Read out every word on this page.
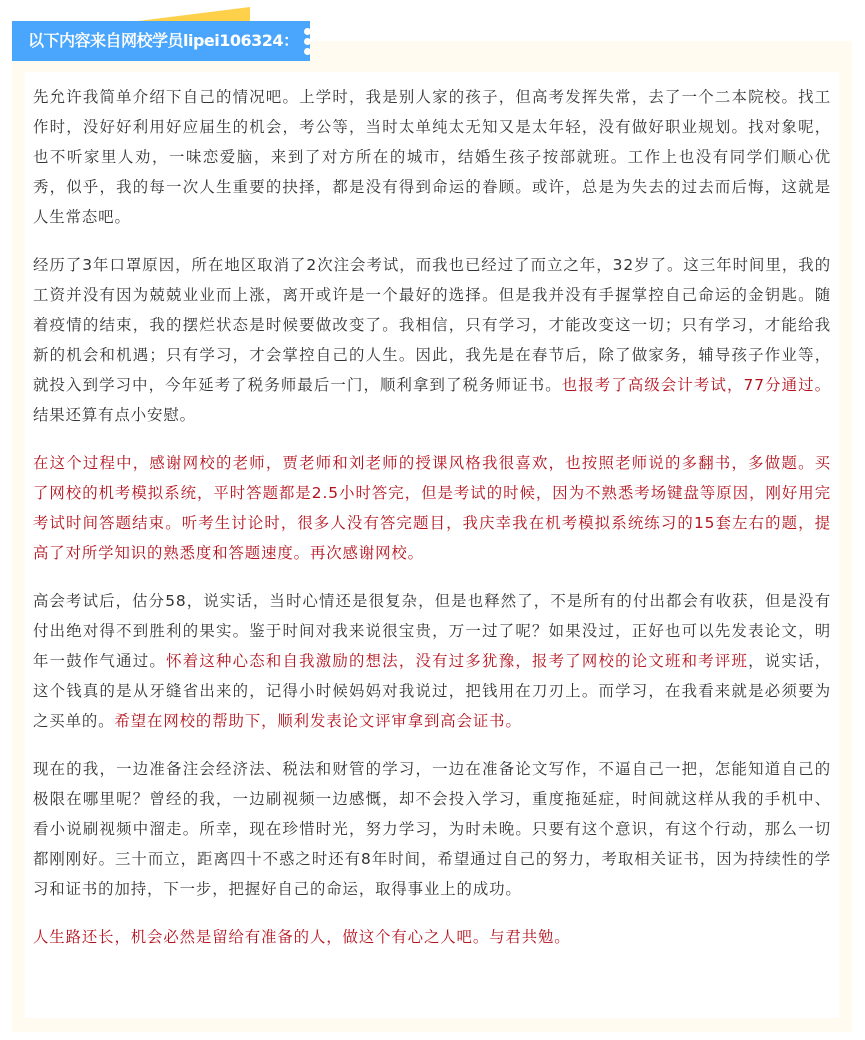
以下内容来自网校学员lipei106324：

先允许我简单介绍下自己的情况吧。上学时，我是别人家的孩子，但高考发挥失常，去了一个二本院校。找工作时，没好好利用好应届生的机会，考公等，当时太单纯太无知又是太年轻，没有做好职业规划。找对象呢，也不听家里人劝，一味恋爱脑，来到了对方所在的城市，结婚生孩子按部就班。工作上也没有同学们顺心优秀，似乎，我的每一次人生重要的抉择，都是没有得到命运的眷顾。或许，总是为失去的过去而后悔，这就是人生常态吧。

经历了3年口罩原因，所在地区取消了2次注会考试，而我也已经过了而立之年，32岁了。这三年时间里，我的工资并没有因为兢兢业业而上涨，离开或许是一个最好的选择。但是我并没有手握掌控自己命运的金钥匙。随着疫情的结束，我的摆烂状态是时候要做改变了。我相信，只有学习，才能改变这一切；只有学习，才能给我新的机会和机遇；只有学习，才会掌控自己的人生。因此，我先是在春节后，除了做家务，辅导孩子作业等，就投入到学习中，今年延考了税务师最后一门，顺利拿到了税务师证书。也报考了高级会计考试，77分通过。结果还算有点小安慰。

在这个过程中，感谢网校的老师，贾老师和刘老师的授课风格我很喜欢，也按照老师说的多翻书，多做题。买了网校的机考模拟系统，平时答题都是2.5小时答完，但是考试的时候，因为不熟悉考场键盘等原因，刚好用完考试时间答题结束。听考生讨论时，很多人没有答完题目，我庆幸我在机考模拟系统练习的15套左右的题，提高了对所学知识的熟悉度和答题速度。再次感谢网校。

高会考试后，估分58，说实话，当时心情还是很复杂，但是也释然了，不是所有的付出都会有收获，但是没有付出绝对得不到胜利的果实。鉴于时间对我来说很宝贵，万一过了呢？如果没过，正好也可以先发表论文，明年一鼓作气通过。怀着这种心态和自我激励的想法，没有过多犹豫，报考了网校的论文班和考评班，说实话，这个钱真的是从牙缝省出来的，记得小时候妈妈对我说过，把钱用在刀刃上。而学习，在我看来就是必须要为之买单的。希望在网校的帮助下，顺利发表论文评审拿到高会证书。

现在的我，一边准备注会经济法、税法和财管的学习，一边在准备论文写作，不逼自己一把，怎能知道自己的极限在哪里呢？曾经的我，一边刷视频一边感慨，却不会投入学习，重度拖延症，时间就这样从我的手机中、看小说刷视频中溜走。所幸，现在珍惜时光，努力学习，为时未晚。只要有这个意识，有这个行动，那么一切都刚刚好。三十而立，距离四十不惑之时还有8年时间，希望通过自己的努力，考取相关证书，因为持续性的学习和证书的加持，下一步，把握好自己的命运，取得事业上的成功。

人生路还长，机会必然是留给有准备的人，做这个有心之人吧。与君共勉。
